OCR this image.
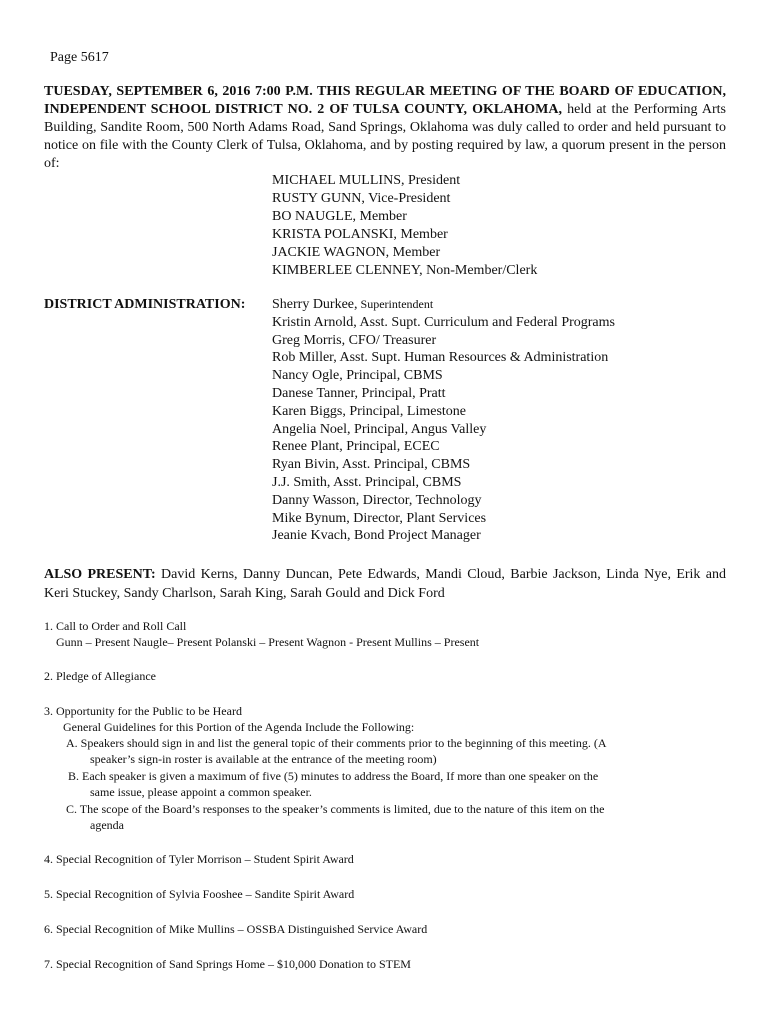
Page 5617
TUESDAY, SEPTEMBER 6, 2016 7:00 P.M. THIS REGULAR MEETING OF THE BOARD OF EDUCATION, INDEPENDENT SCHOOL DISTRICT NO. 2 OF TULSA COUNTY, OKLAHOMA, held at the Performing Arts Building, Sandite Room, 500 North Adams Road, Sand Springs, Oklahoma was duly called to order and held pursuant to notice on file with the County Clerk of Tulsa, Oklahoma, and by posting required by law, a quorum present in the person of:
MICHAEL MULLINS, President
RUSTY GUNN, Vice-President
BO NAUGLE, Member
KRISTA POLANSKI, Member
JACKIE WAGNON, Member
KIMBERLEE CLENNEY, Non-Member/Clerk
DISTRICT ADMINISTRATION: Sherry Durkee, Superintendent
Kristin Arnold, Asst. Supt. Curriculum and Federal Programs
Greg Morris, CFO/ Treasurer
Rob Miller, Asst. Supt. Human Resources & Administration
Nancy Ogle, Principal, CBMS
Danese Tanner, Principal, Pratt
Karen Biggs, Principal, Limestone
Angelia Noel, Principal, Angus Valley
Renee Plant, Principal, ECEC
Ryan Bivin, Asst. Principal, CBMS
J.J. Smith, Asst. Principal, CBMS
Danny Wasson, Director, Technology
Mike Bynum, Director, Plant Services
Jeanie Kvach, Bond Project Manager
ALSO PRESENT: David Kerns, Danny Duncan, Pete Edwards, Mandi Cloud, Barbie Jackson, Linda Nye, Erik and Keri Stuckey, Sandy Charlson, Sarah King, Sarah Gould and Dick Ford
1. Call to Order and Roll Call
Gunn – Present Naugle– Present Polanski – Present Wagnon - Present Mullins – Present
2. Pledge of Allegiance
3. Opportunity for the Public to be Heard
General Guidelines for this Portion of the Agenda Include the Following:
A. Speakers should sign in and list the general topic of their comments prior to the beginning of this meeting. (A
speaker’s sign-in roster is available at the entrance of the meeting room)
B. Each speaker is given a maximum of five (5) minutes to address the Board, If more than one speaker on the
same issue, please appoint a common speaker.
C. The scope of the Board’s responses to the speaker’s comments is limited, due to the nature of this item on the
agenda
4. Special Recognition of Tyler Morrison – Student Spirit Award
5. Special Recognition of Sylvia Fooshee – Sandite Spirit Award
6. Special Recognition of Mike Mullins – OSSBA Distinguished Service Award
7. Special Recognition of Sand Springs Home – $10,000 Donation to STEM
